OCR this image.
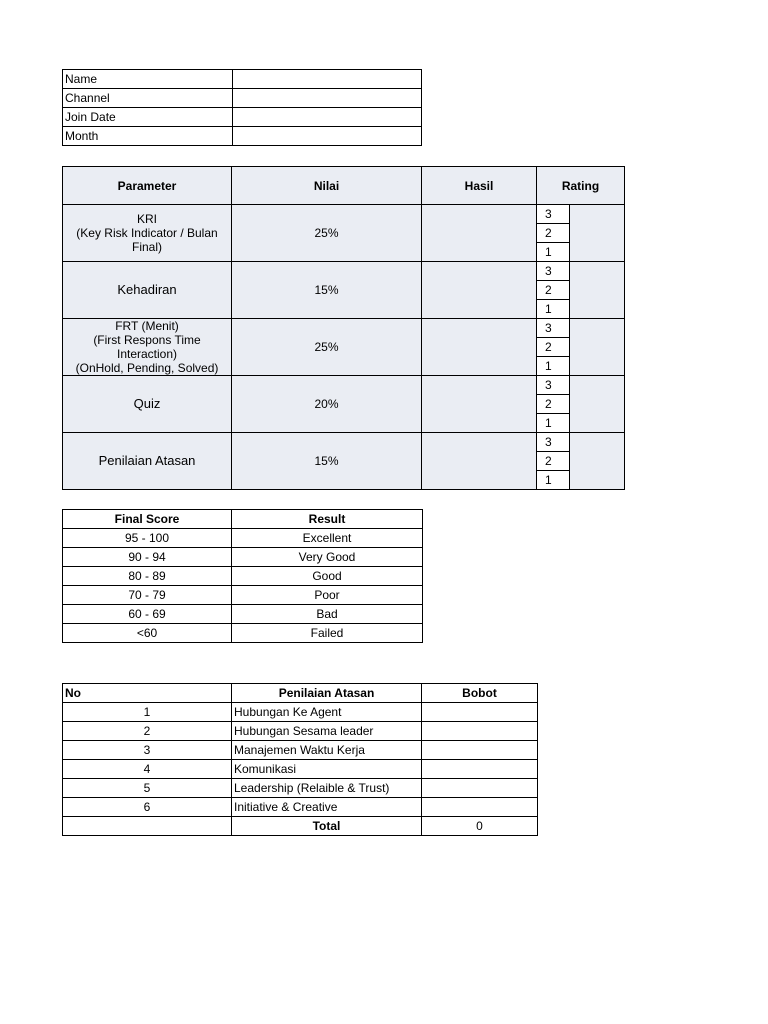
Name	
Channel	
Join Date	
Month	
Parameter	Nilai	Hasil	Rating	
KRI
(Key Risk Indicator / Bulan Final)	25%		3	
			2	
			1	
Kehadiran	15%		3	
			2	
			1	
FRT (Menit)
(First Respons Time Interaction)
(OnHold, Pending, Solved)	25%		3	
			2	
			1	
Quiz	20%		3	
			2	
			1	
Penilaian Atasan	15%		3	
			2	
			1	
Final Score	Result
95 - 100	Excellent
90 - 94	Very Good
80 - 89	Good
70 - 79	Poor
60 - 69	Bad
<60	Failed
No	Penilaian Atasan	Bobot
1	Hubungan Ke Agent	
2	Hubungan Sesama leader	
3	Manajemen Waktu Kerja	
4	Komunikasi	
5	Leadership (Relaible & Trust)	
6	Initiative & Creative	
	Total	0
